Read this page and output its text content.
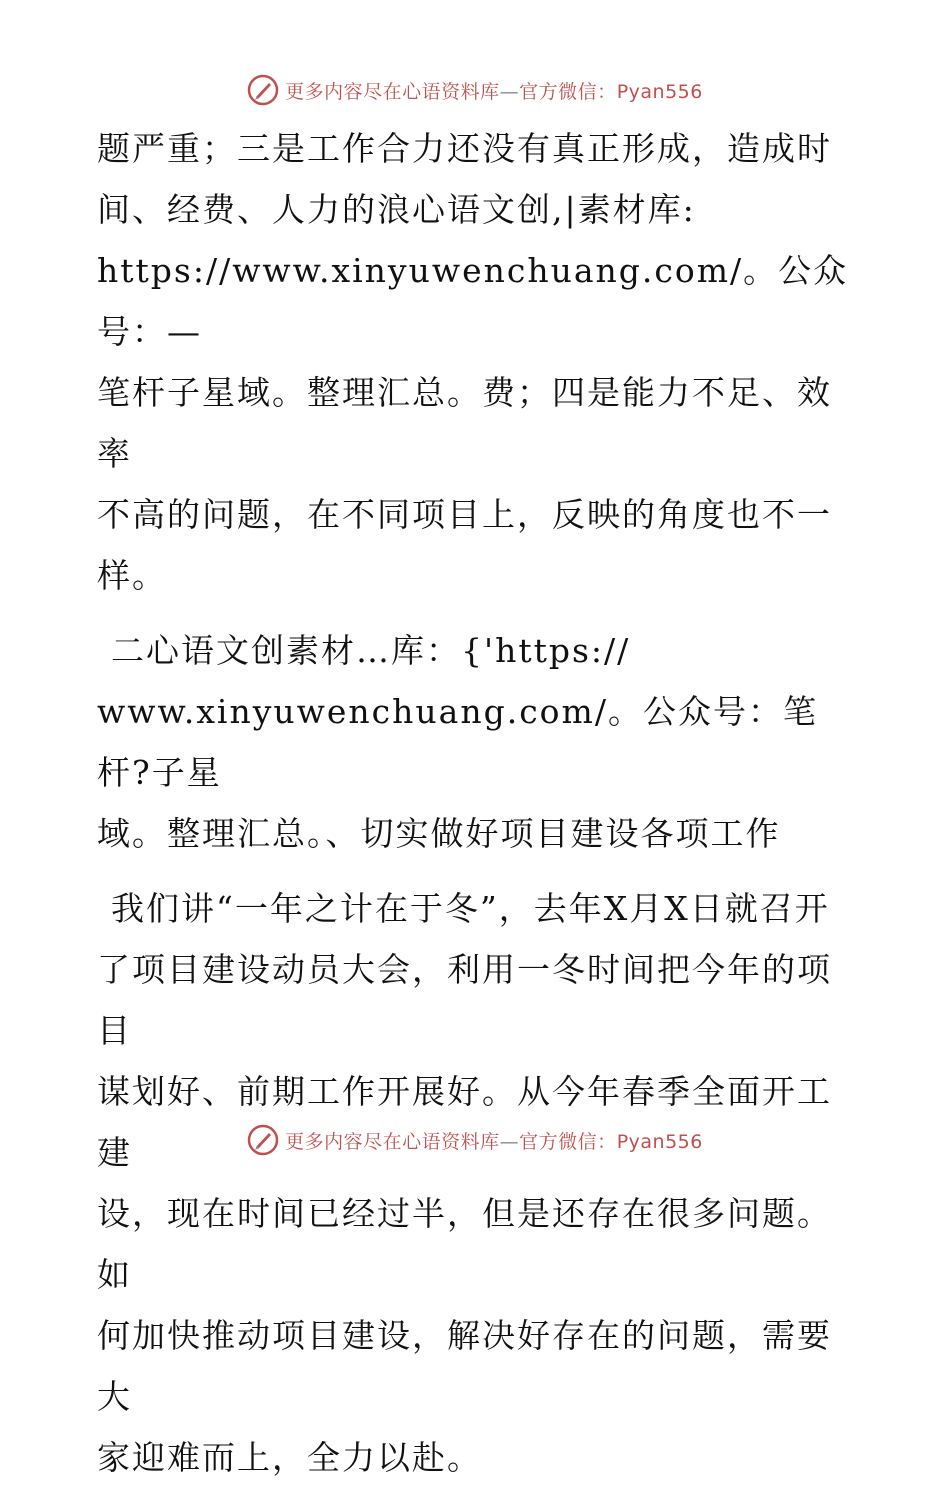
更多内容尽在心语资料库—官方微信：Pyan556

题严重；三是工作合力还没有真正形成，造成时
间、经费、人力的浪心语文创,|素材库:
https://www.xinyuwenchuang.com/。公众号：—
笔杆子星域。整理汇总。费；四是能力不足、效率
不高的问题，在不同项目上，反映的角度也不一
样。

二心语文创素材…库：{'https://
www.xinyuwenchuang.com/。公众号：笔杆?子星
域。整理汇总。、切实做好项目建设各项工作

我们讲“一年之计在于冬”，去年X月X日就召开
了项目建设动员大会，利用一冬时间把今年的项目
谋划好、前期工作开展好。从今年春季全面开工建
设，现在时间已经过半，但是还存在很多问题。如
何加快推动项目建设，解决好存在的问题，需要大
家迎难而上，全力以赴。

更多内容尽在心语资料库—官方微信：Pyan556
